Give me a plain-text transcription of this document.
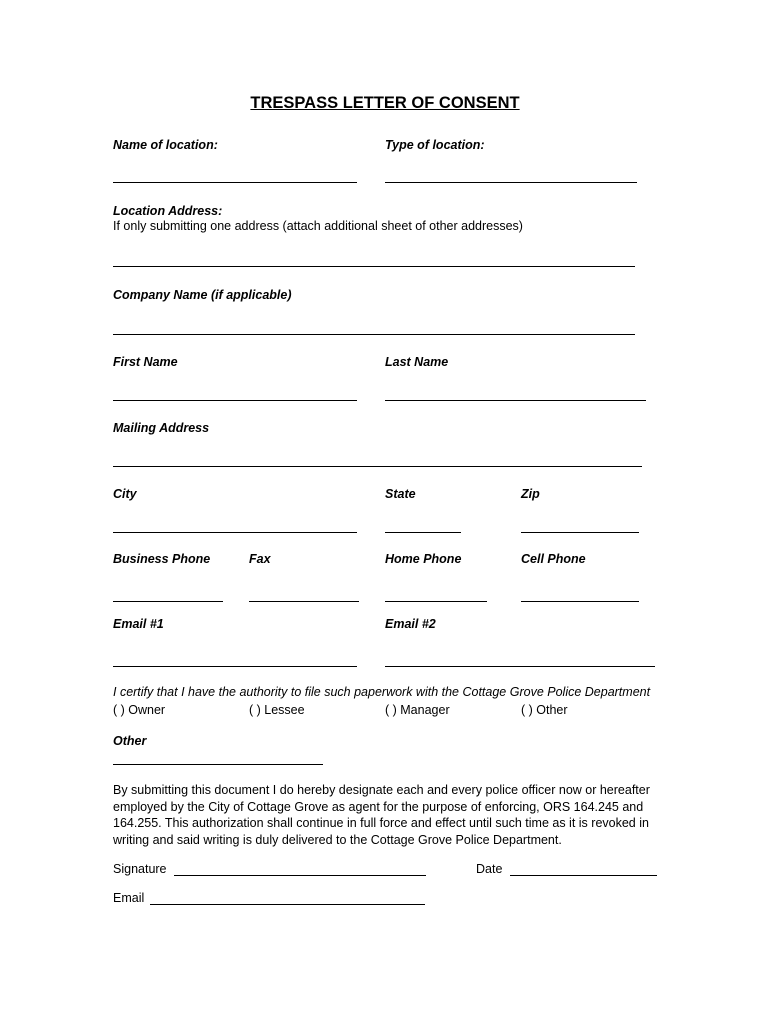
TRESPASS LETTER OF CONSENT
Name of location:	Type of location:
Location Address:
If only submitting one address (attach additional sheet of other addresses)
Company Name (if applicable)
First Name	Last Name
Mailing Address
City	State	Zip
Business Phone	Fax	Home Phone	Cell Phone
Email #1	Email #2
I certify that I have the authority to file such paperwork with the Cottage Grove Police Department
( ) Owner	( ) Lessee	( ) Manager	( ) Other
Other
By submitting this document I do hereby designate each and every police officer now or hereafter employed by the City of Cottage Grove as agent for the purpose of enforcing, ORS 164.245 and 164.255. This authorization shall continue in full force and effect until such time as it is revoked in writing and said writing is duly delivered to the Cottage Grove Police Department.
Signature	Date
Email
